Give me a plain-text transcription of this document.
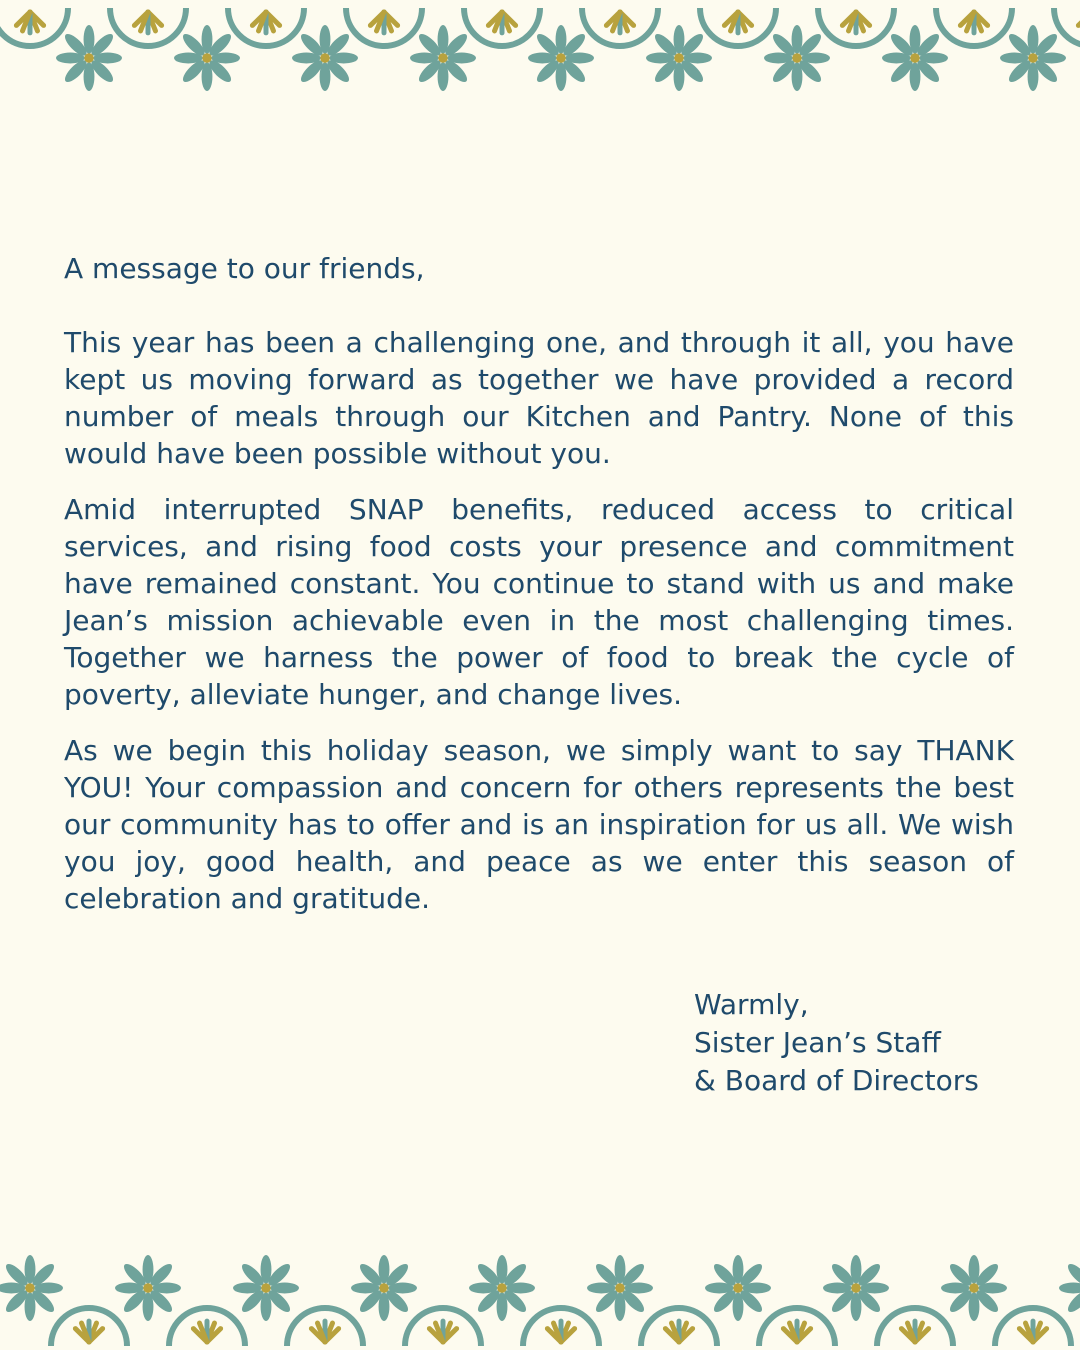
A message to our friends,

This year has been a challenging one, and through it all, you have kept us moving forward as together we have provided a record number of meals through our Kitchen and Pantry. None of this would have been possible without you.

Amid interrupted SNAP benefits, reduced access to critical services, and rising food costs your presence and commitment have remained constant. You continue to stand with us and make Jean’s mission achievable even in the most challenging times. Together we harness the power of food to break the cycle of poverty, alleviate hunger, and change lives.

As we begin this holiday season, we simply want to say THANK YOU! Your compassion and concern for others represents the best our community has to offer and is an inspiration for us all. We wish you joy, good health, and peace as we enter this season of celebration and gratitude.

Warmly,
Sister Jean’s Staff
& Board of Directors
